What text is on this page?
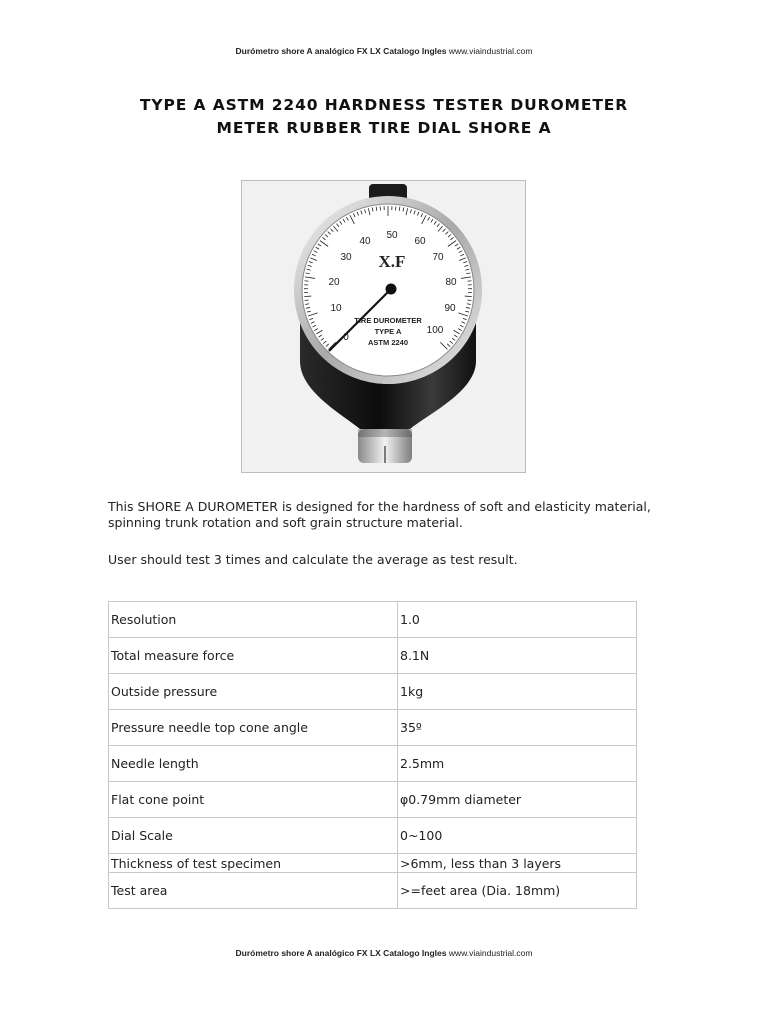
Durómetro shore A analógico FX LX Catalogo Ingles www.viaindustrial.com
TYPE A ASTM 2240 HARDNESS TESTER DUROMETER
METER RUBBER TIRE DIAL SHORE A
0
10
20
30
40
50
60
70
80
90
100
X.F
TIRE DUROMETER
TYPE A
ASTM 2240
This SHORE A DUROMETER is designed for the hardness of soft and elasticity material, spinning trunk rotation and soft grain structure material.
User should test 3 times and calculate the average as test result.
Resolution	1.0
Total measure force	8.1N
Outside pressure	1kg
Pressure needle top cone angle	35º
Needle length	2.5mm
Flat cone point	φ0.79mm diameter
Dial Scale	0~100
Thickness of test specimen	>6mm, less than 3 layers
Test area	>=feet area (Dia. 18mm)
Durómetro shore A analógico FX LX Catalogo Ingles www.viaindustrial.com
